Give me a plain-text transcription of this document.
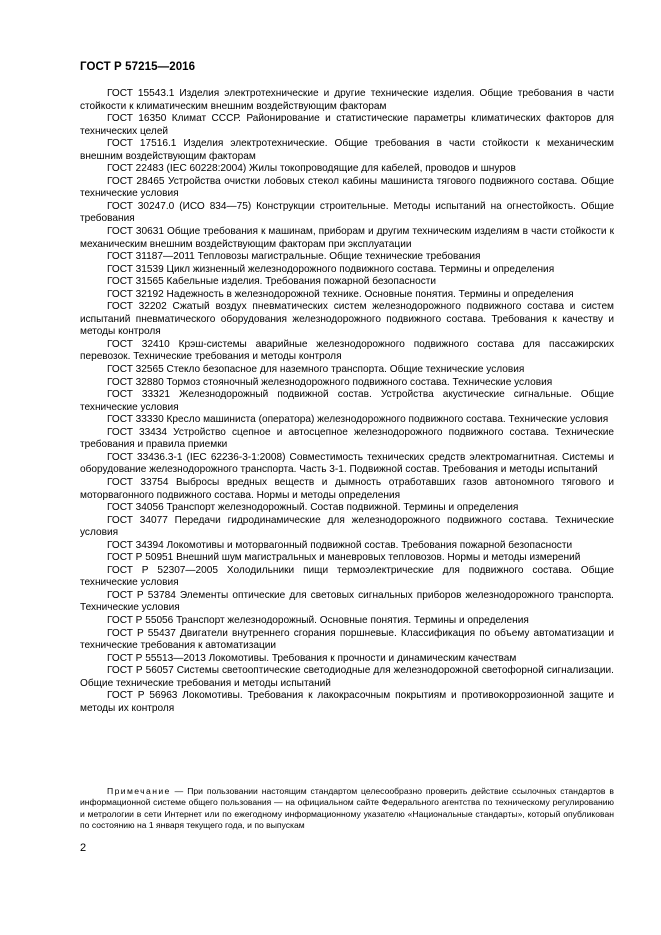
ГОСТ Р 57215—2016

ГОСТ 15543.1 Изделия электротехнические и другие технические изделия. Общие требования в части стойкости к климатическим внешним воздействующим факторам

ГОСТ 16350 Климат СССР. Районирование и статистические параметры климатических факторов для технических целей

ГОСТ 17516.1 Изделия электротехнические. Общие требования в части стойкости к механическим внешним воздействующим факторам

ГОСТ 22483 (IEC 60228:2004) Жилы токопроводящие для кабелей, проводов и шнуров

ГОСТ 28465 Устройства очистки лобовых стекол кабины машиниста тягового подвижного состава. Общие технические условия

ГОСТ 30247.0 (ИСО 834—75) Конструкции строительные. Методы испытаний на огнестойкость. Общие требования

ГОСТ 30631 Общие требования к машинам, приборам и другим техническим изделиям в части стойкости к механическим внешним воздействующим факторам при эксплуатации

ГОСТ 31187—2011 Тепловозы магистральные. Общие технические требования

ГОСТ 31539 Цикл жизненный железнодорожного подвижного состава. Термины и определения

ГОСТ 31565 Кабельные изделия. Требования пожарной безопасности

ГОСТ 32192 Надежность в железнодорожной технике. Основные понятия. Термины и определения

ГОСТ 32202 Сжатый воздух пневматических систем железнодорожного подвижного состава и систем испытаний пневматического оборудования железнодорожного подвижного состава. Требования к качеству и методы контроля

ГОСТ 32410 Крэш-системы аварийные железнодорожного подвижного состава для пассажирских перевозок. Технические требования и методы контроля

ГОСТ 32565 Стекло безопасное для наземного транспорта. Общие технические условия

ГОСТ 32880 Тормоз стояночный железнодорожного подвижного состава. Технические условия

ГОСТ 33321 Железнодорожный подвижной состав. Устройства акустические сигнальные. Общие технические условия

ГОСТ 33330 Кресло машиниста (оператора) железнодорожного подвижного состава. Технические условия

ГОСТ 33434 Устройство сцепное и автосцепное железнодорожного подвижного состава. Технические требования и правила приемки

ГОСТ 33436.3-1 (IEC 62236-3-1:2008) Совместимость технических средств электромагнитная. Системы и оборудование железнодорожного транспорта. Часть 3-1. Подвижной состав. Требования и методы испытаний

ГОСТ 33754 Выбросы вредных веществ и дымность отработавших газов автономного тягового и моторвагонного подвижного состава. Нормы и методы определения

ГОСТ 34056 Транспорт железнодорожный. Состав подвижной. Термины и определения

ГОСТ 34077 Передачи гидродинамические для железнодорожного подвижного состава. Технические условия

ГОСТ 34394 Локомотивы и моторвагонный подвижной состав. Требования пожарной безопасности

ГОСТ Р 50951 Внешний шум магистральных и маневровых тепловозов. Нормы и методы измерений

ГОСТ Р 52307—2005 Холодильники пищи термоэлектрические для подвижного состава. Общие технические условия

ГОСТ Р 53784 Элементы оптические для световых сигнальных приборов железнодорожного транспорта. Технические условия

ГОСТ Р 55056 Транспорт железнодорожный. Основные понятия. Термины и определения

ГОСТ Р 55437 Двигатели внутреннего сгорания поршневые. Классификация по объему автоматизации и технические требования к автоматизации

ГОСТ Р 55513—2013 Локомотивы. Требования к прочности и динамическим качествам

ГОСТ Р 56057 Системы светооптические светодиодные для железнодорожной светофорной сигнализации. Общие технические требования и методы испытаний

ГОСТ Р 56963 Локомотивы. Требования к лакокрасочным покрытиям и противокоррозионной защите и методы их контроля

Примечание — При пользовании настоящим стандартом целесообразно проверить действие ссылочных стандартов в информационной системе общего пользования — на официальном сайте Федерального агентства по техническому регулированию и метрологии в сети Интернет или по ежегодному информационному указателю «Национальные стандарты», который опубликован по состоянию на 1 января текущего года, и по выпускам

2
